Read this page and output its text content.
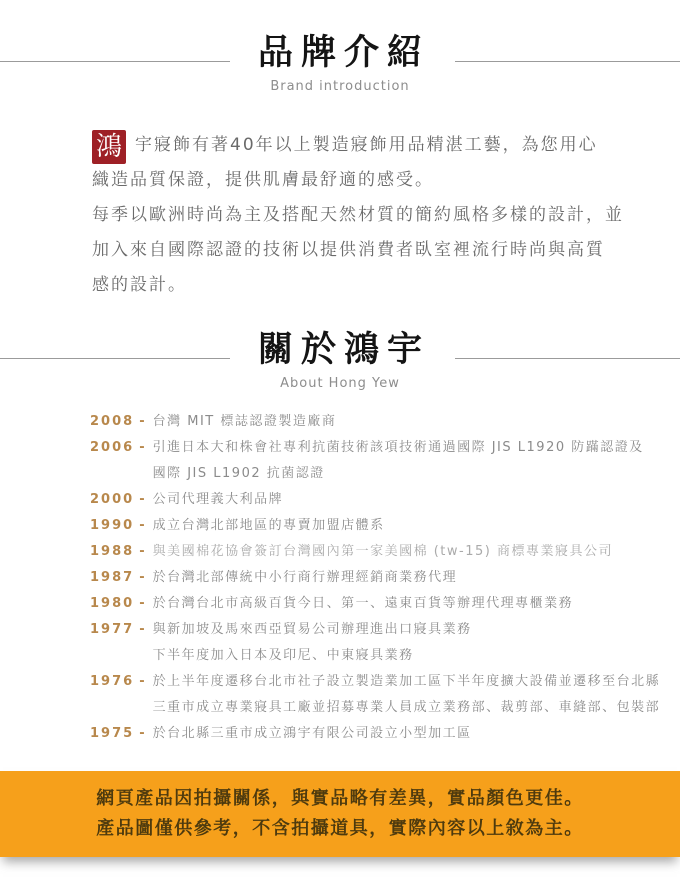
品牌介紹
Brand introduction
鴻 宇寢飾有著40年以上製造寢飾用品精湛工藝，為您用心
織造品質保證，提供肌膚最舒適的感受。
每季以歐洲時尚為主及搭配天然材質的簡約風格多樣的設計，並
加入來自國際認證的技術以提供消費者臥室裡流行時尚與高質
感的設計。
關於鴻宇
About Hong Yew
2008 - 台灣 MIT 標誌認證製造廠商
2006 - 引進日本大和株會社專利抗菌技術該項技術通過國際 JIS L1920 防蹣認證及
國際 JIS L1902 抗菌認證
2000 - 公司代理義大利品牌
1990 - 成立台灣北部地區的專賣加盟店體系
1988 - 與美國棉花協會簽訂台灣國內第一家美國棉 (tw-15) 商標專業寢具公司
1987 - 於台灣北部傳統中小行商行辦理經銷商業務代理
1980 - 於台灣台北市高級百貨今日、第一、遠東百貨等辦理代理專櫃業務
1977 - 與新加坡及馬來西亞貿易公司辦理進出口寢具業務
下半年度加入日本及印尼、中東寢具業務
1976 - 於上半年度遷移台北市社子設立製造業加工區下半年度擴大設備並遷移至台北縣
三重市成立專業寢具工廠並招募專業人員成立業務部、裁剪部、車縫部、包裝部
1975 - 於台北縣三重市成立鴻宇有限公司設立小型加工區
網頁產品因拍攝關係，與實品略有差異，實品顏色更佳。
產品圖僅供參考，不含拍攝道具，實際內容以上敘為主。
